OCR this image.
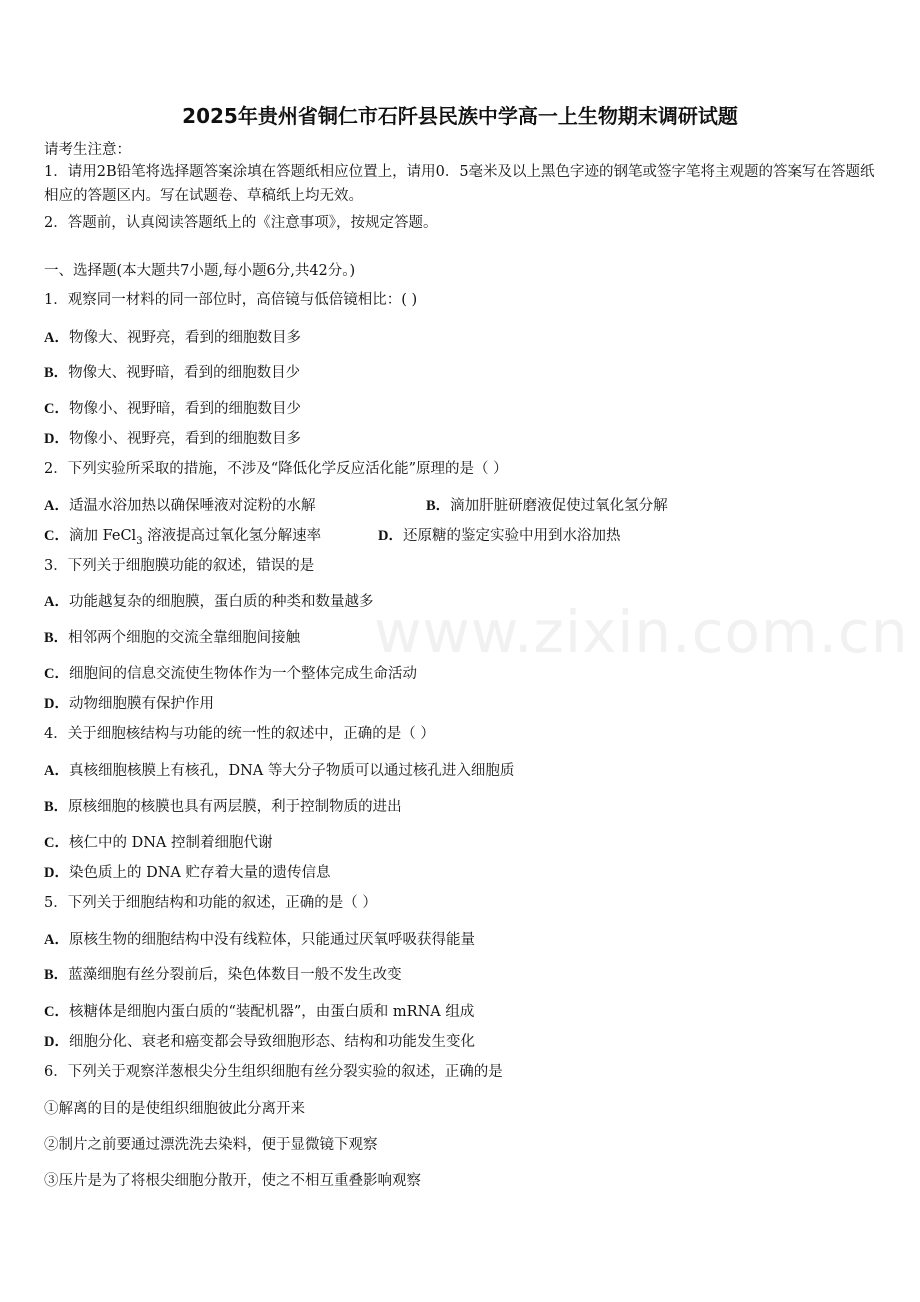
www.zixin.com.cn
2025年贵州省铜仁市石阡县民族中学高一上生物期末调研试题
请考生注意：
1．请用2B铅笔将选择题答案涂填在答题纸相应位置上，请用0．5毫米及以上黑色字迹的钢笔或签字笔将主观题的答案写在答题纸相应的答题区内。写在试题卷、草稿纸上均无效。
2．答题前，认真阅读答题纸上的《注意事项》，按规定答题。
一、选择题(本大题共7小题,每小题6分,共42分。)
1．观察同一材料的同一部位时，高倍镜与低倍镜相比：( )
A．物像大、视野亮，看到的细胞数目多
B．物像大、视野暗，看到的细胞数目少
C．物像小、视野暗，看到的细胞数目少
D．物像小、视野亮，看到的细胞数目多
2．下列实验所采取的措施，不涉及“降低化学反应活化能”原理的是（ ）
A．适温水浴加热以确保唾液对淀粉的水解	B．滴加肝脏研磨液促使过氧化氢分解
C．滴加 FeCl$_3$ 溶液提高过氧化氢分解速率	D．还原糖的鉴定实验中用到水浴加热
3．下列关于细胞膜功能的叙述，错误的是
A．功能越复杂的细胞膜，蛋白质的种类和数量越多
B．相邻两个细胞的交流全靠细胞间接触
C．细胞间的信息交流使生物体作为一个整体完成生命活动
D．动物细胞膜有保护作用
4．关于细胞核结构与功能的统一性的叙述中，正确的是（ ）
A．真核细胞核膜上有核孔，DNA 等大分子物质可以通过核孔进入细胞质
B．原核细胞的核膜也具有两层膜，利于控制物质的进出
C．核仁中的 DNA 控制着细胞代谢
D．染色质上的 DNA 贮存着大量的遗传信息
5．下列关于细胞结构和功能的叙述，正确的是（ ）
A．原核生物的细胞结构中没有线粒体，只能通过厌氧呼吸获得能量
B．蓝藻细胞有丝分裂前后，染色体数目一般不发生改变
C．核糖体是细胞内蛋白质的“装配机器”，由蛋白质和 mRNA 组成
D．细胞分化、衰老和癌变都会导致细胞形态、结构和功能发生变化
6．下列关于观察洋葱根尖分生组织细胞有丝分裂实验的叙述，正确的是
①解离的目的是使组织细胞彼此分离开来
②制片之前要通过漂洗洗去染料，便于显微镜下观察
③压片是为了将根尖细胞分散开，使之不相互重叠影响观察
